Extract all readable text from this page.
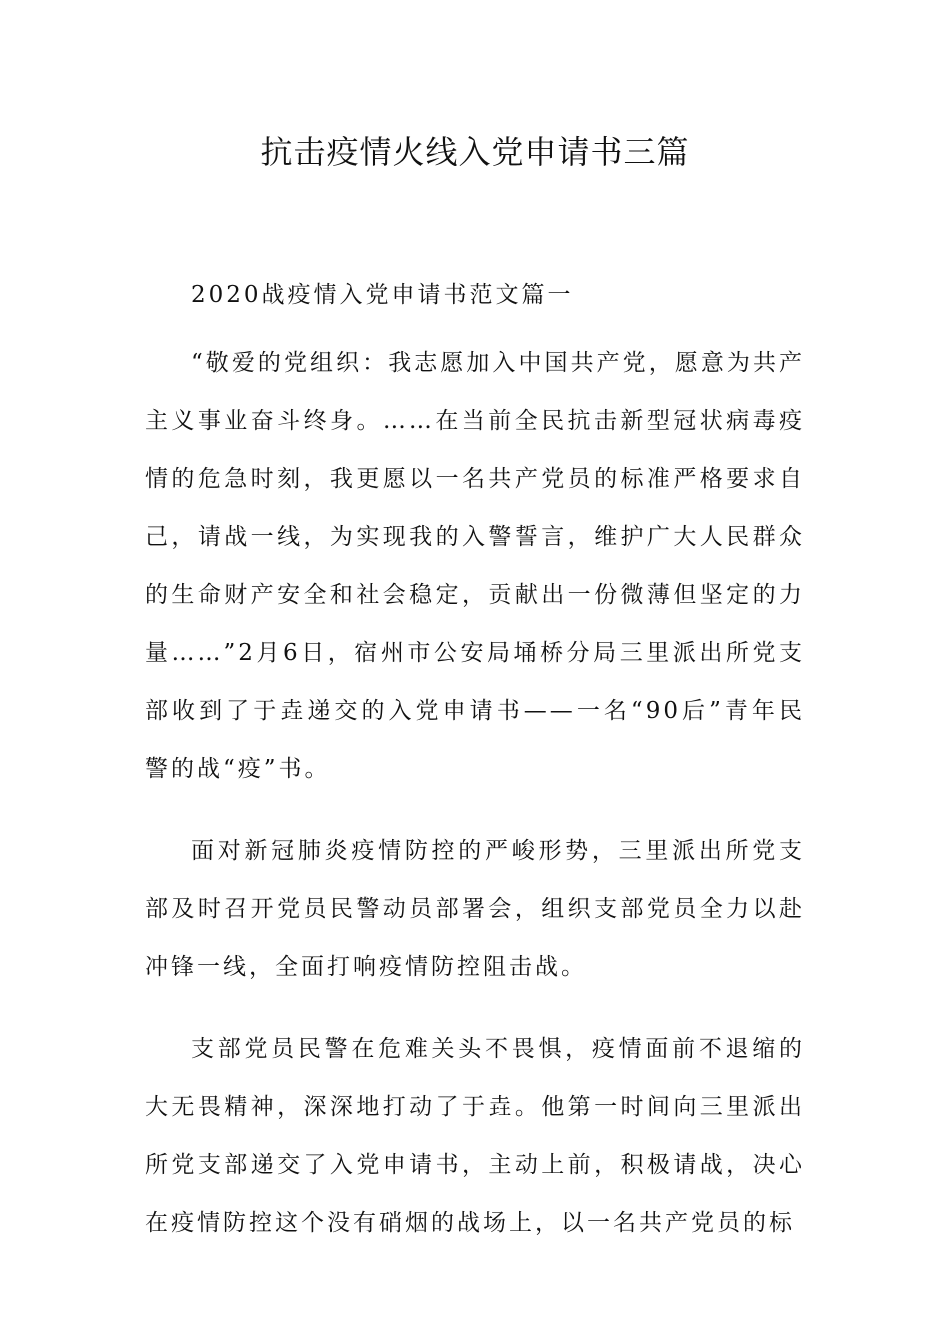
抗击疫情火线入党申请书三篇

2020战疫情入党申请书范文篇一

“敬爱的党组织：我志愿加入中国共产党，愿意为共产主义事业奋斗终身。……在当前全民抗击新型冠状病毒疫情的危急时刻，我更愿以一名共产党员的标准严格要求自己，请战一线，为实现我的入警誓言，维护广大人民群众的生命财产安全和社会稳定，贡献出一份微薄但坚定的力量……”2月6日，宿州市公安局埇桥分局三里派出所党支部收到了于垚递交的入党申请书——一名“90后”青年民警的战“疫”书。

面对新冠肺炎疫情防控的严峻形势，三里派出所党支部及时召开党员民警动员部署会，组织支部党员全力以赴冲锋一线，全面打响疫情防控阻击战。

支部党员民警在危难关头不畏惧，疫情面前不退缩的大无畏精神，深深地打动了于垚。他第一时间向三里派出所党支部递交了入党申请书，主动上前，积极请战，决心在疫情防控这个没有硝烟的战场上，以一名共产党员的标
